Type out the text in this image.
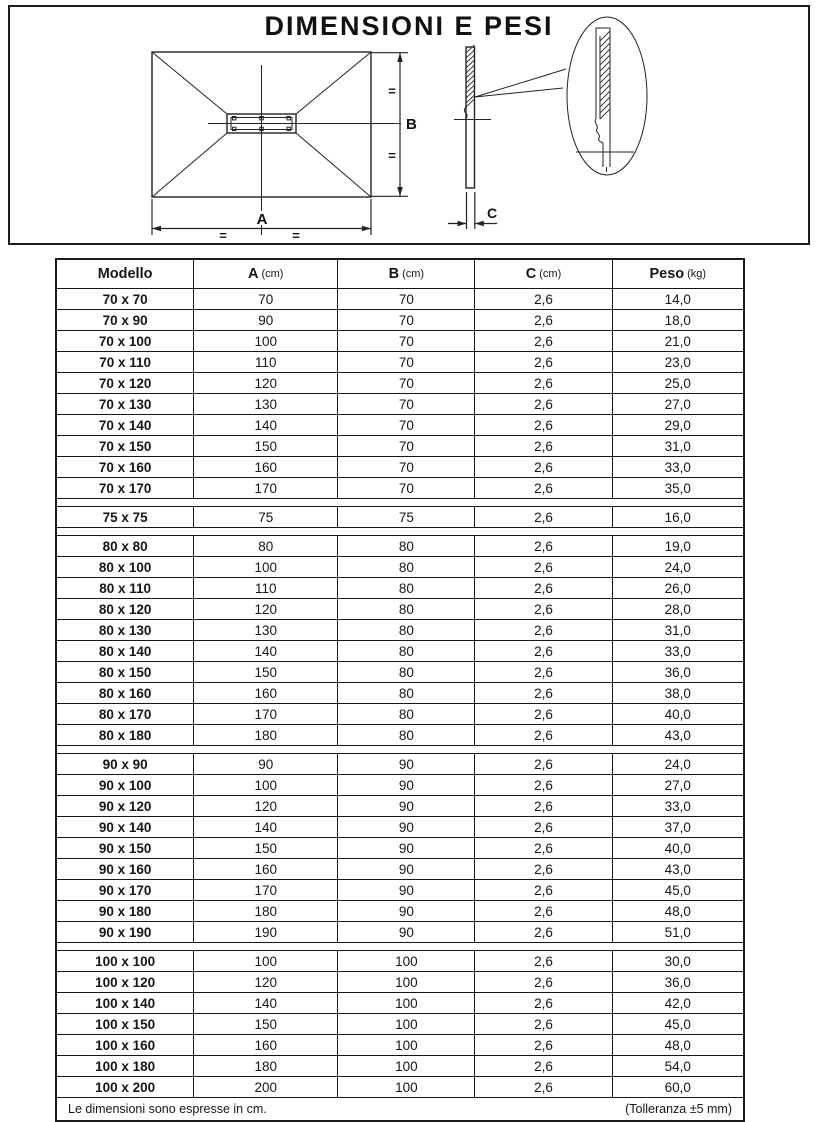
DIMENSIONI E PESI
=
=
B
A
=	=
C
Modello	A (cm)	B (cm)	C (cm)	Peso (kg)
70 x 70	70	70	2,6	14,0
70 x 90	90	70	2,6	18,0
70 x 100	100	70	2,6	21,0
70 x 110	110	70	2,6	23,0
70 x 120	120	70	2,6	25,0
70 x 130	130	70	2,6	27,0
70 x 140	140	70	2,6	29,0
70 x 150	150	70	2,6	31,0
70 x 160	160	70	2,6	33,0
70 x 170	170	70	2,6	35,0
75 x 75	75	75	2,6	16,0
80 x 80	80	80	2,6	19,0
80 x 100	100	80	2,6	24,0
80 x 110	110	80	2,6	26,0
80 x 120	120	80	2,6	28,0
80 x 130	130	80	2,6	31,0
80 x 140	140	80	2,6	33,0
80 x 150	150	80	2,6	36,0
80 x 160	160	80	2,6	38,0
80 x 170	170	80	2,6	40,0
80 x 180	180	80	2,6	43,0
90 x 90	90	90	2,6	24,0
90 x 100	100	90	2,6	27,0
90 x 120	120	90	2,6	33,0
90 x 140	140	90	2,6	37,0
90 x 150	150	90	2,6	40,0
90 x 160	160	90	2,6	43,0
90 x 170	170	90	2,6	45,0
90 x 180	180	90	2,6	48,0
90 x 190	190	90	2,6	51,0
100 x 100	100	100	2,6	30,0
100 x 120	120	100	2,6	36,0
100 x 140	140	100	2,6	42,0
100 x 150	150	100	2,6	45,0
100 x 160	160	100	2,6	48,0
100 x 180	180	100	2,6	54,0
100 x 200	200	100	2,6	60,0
Le dimensioni sono espresse in cm.	(Tolleranza ±5 mm)
